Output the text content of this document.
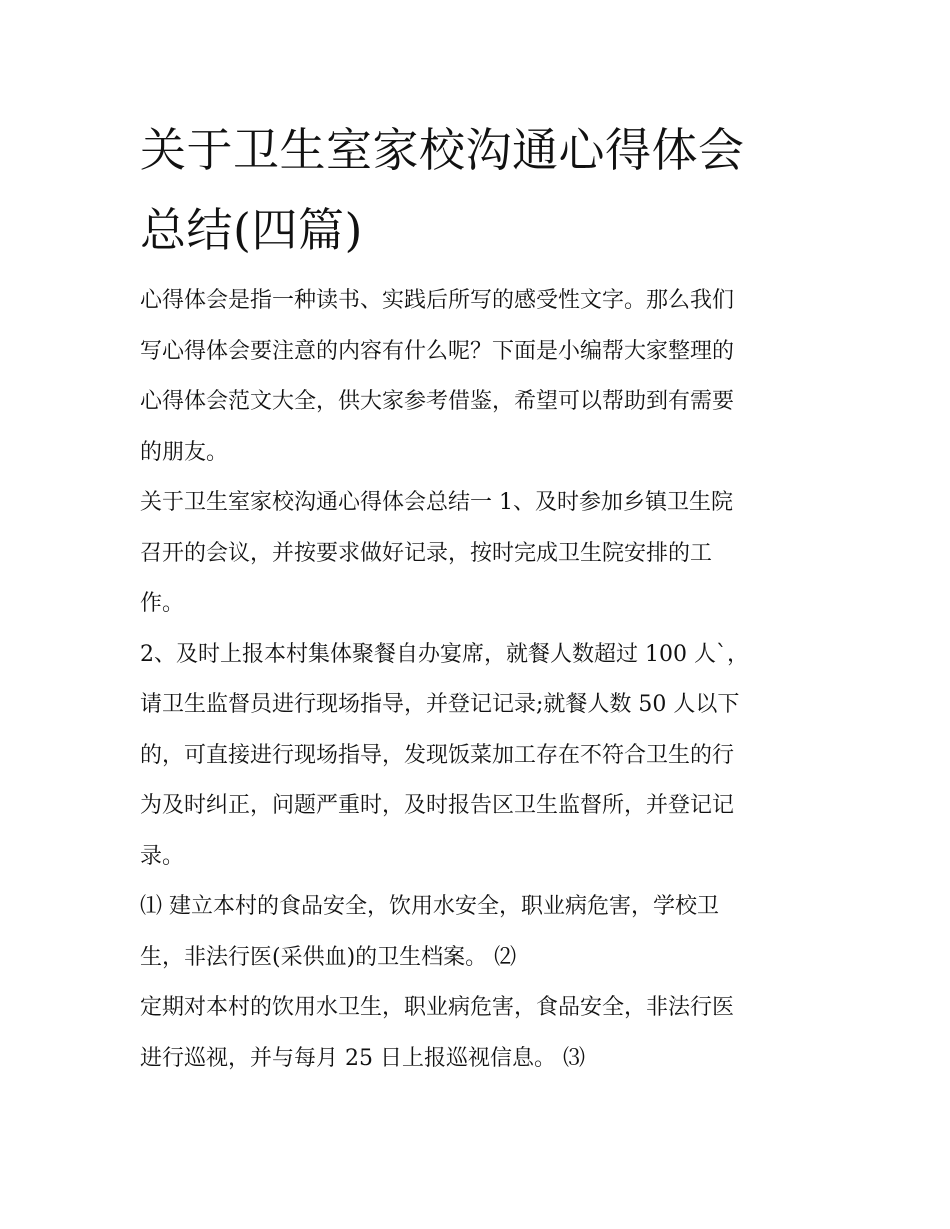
关于卫生室家校沟通心得体会
总结(四篇)
心得体会是指一种读书、实践后所写的感受性文字。那么我们
写心得体会要注意的内容有什么呢？下面是小编帮大家整理的
心得体会范文大全，供大家参考借鉴，希望可以帮助到有需要
的朋友。
关于卫生室家校沟通心得体会总结一 1、及时参加乡镇卫生院
召开的会议，并按要求做好记录，按时完成卫生院安排的工
作。
2、及时上报本村集体聚餐自办宴席，就餐人数超过 100 人`，
请卫生监督员进行现场指导，并登记记录;就餐人数 50 人以下
的，可直接进行现场指导，发现饭菜加工存在不符合卫生的行
为及时纠正，问题严重时，及时报告区卫生监督所，并登记记
录。
⑴ 建立本村的食品安全，饮用水安全，职业病危害，学校卫
生，非法行医(采供血)的卫生档案。 ⑵
定期对本村的饮用水卫生，职业病危害，食品安全，非法行医
进行巡视，并与每月 25 日上报巡视信息。 ⑶
